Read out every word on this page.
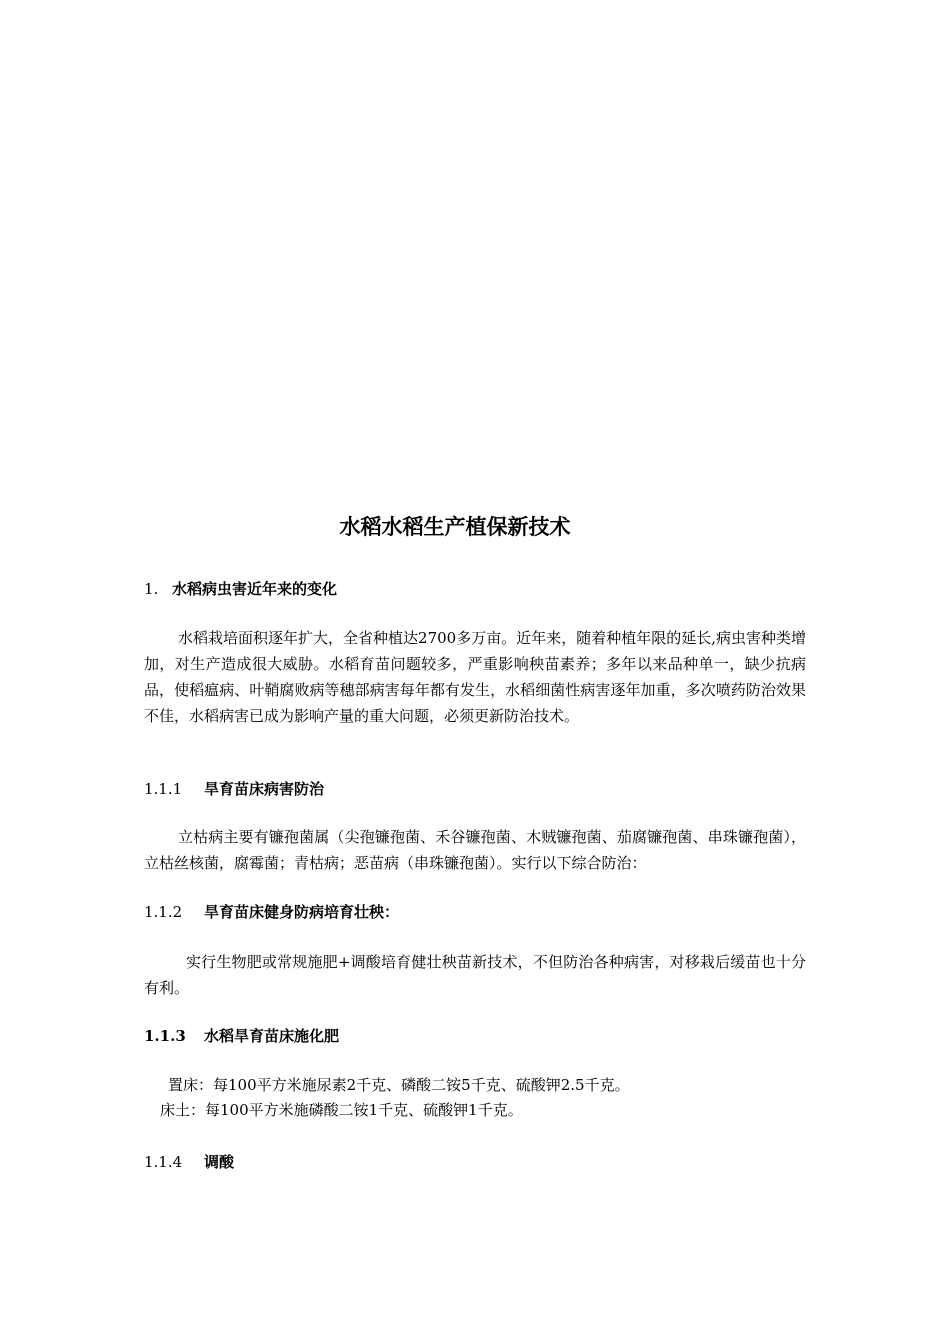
水稻水稻生产植保新技术
1. 水稻病虫害近年来的变化

水稻栽培面积逐年扩大，全省种植达2700多万亩。近年来，随着种植年限的延长,病虫害种类增加，对生产造成很大威胁。水稻育苗问题较多，严重影响秧苗素养；多年以来品种单一，缺少抗病品，使稻瘟病、叶鞘腐败病等穗部病害每年都有发生，水稻细菌性病害逐年加重，多次喷药防治效果不佳，水稻病害已成为影响产量的重大问题，必须更新防治技术。

1.1.1 旱育苗床病害防治

立枯病主要有镰孢菌属（尖孢镰孢菌、禾谷镰孢菌、木贼镰孢菌、茄腐镰孢菌、串珠镰孢菌），立枯丝核菌，腐霉菌；青枯病；恶苗病（串珠镰孢菌）。实行以下综合防治：

1.1.2 旱育苗床健身防病培育壮秧：

实行生物肥或常规施肥+调酸培育健壮秧苗新技术，不但防治各种病害，对移栽后缓苗也十分有利。

1.1.3 水稻旱育苗床施化肥

置床：每100平方米施尿素2千克、磷酸二铵5千克、硫酸钾2.5千克。

床土：每100平方米施磷酸二铵1千克、硫酸钾1千克。

1.1.4 调酸
